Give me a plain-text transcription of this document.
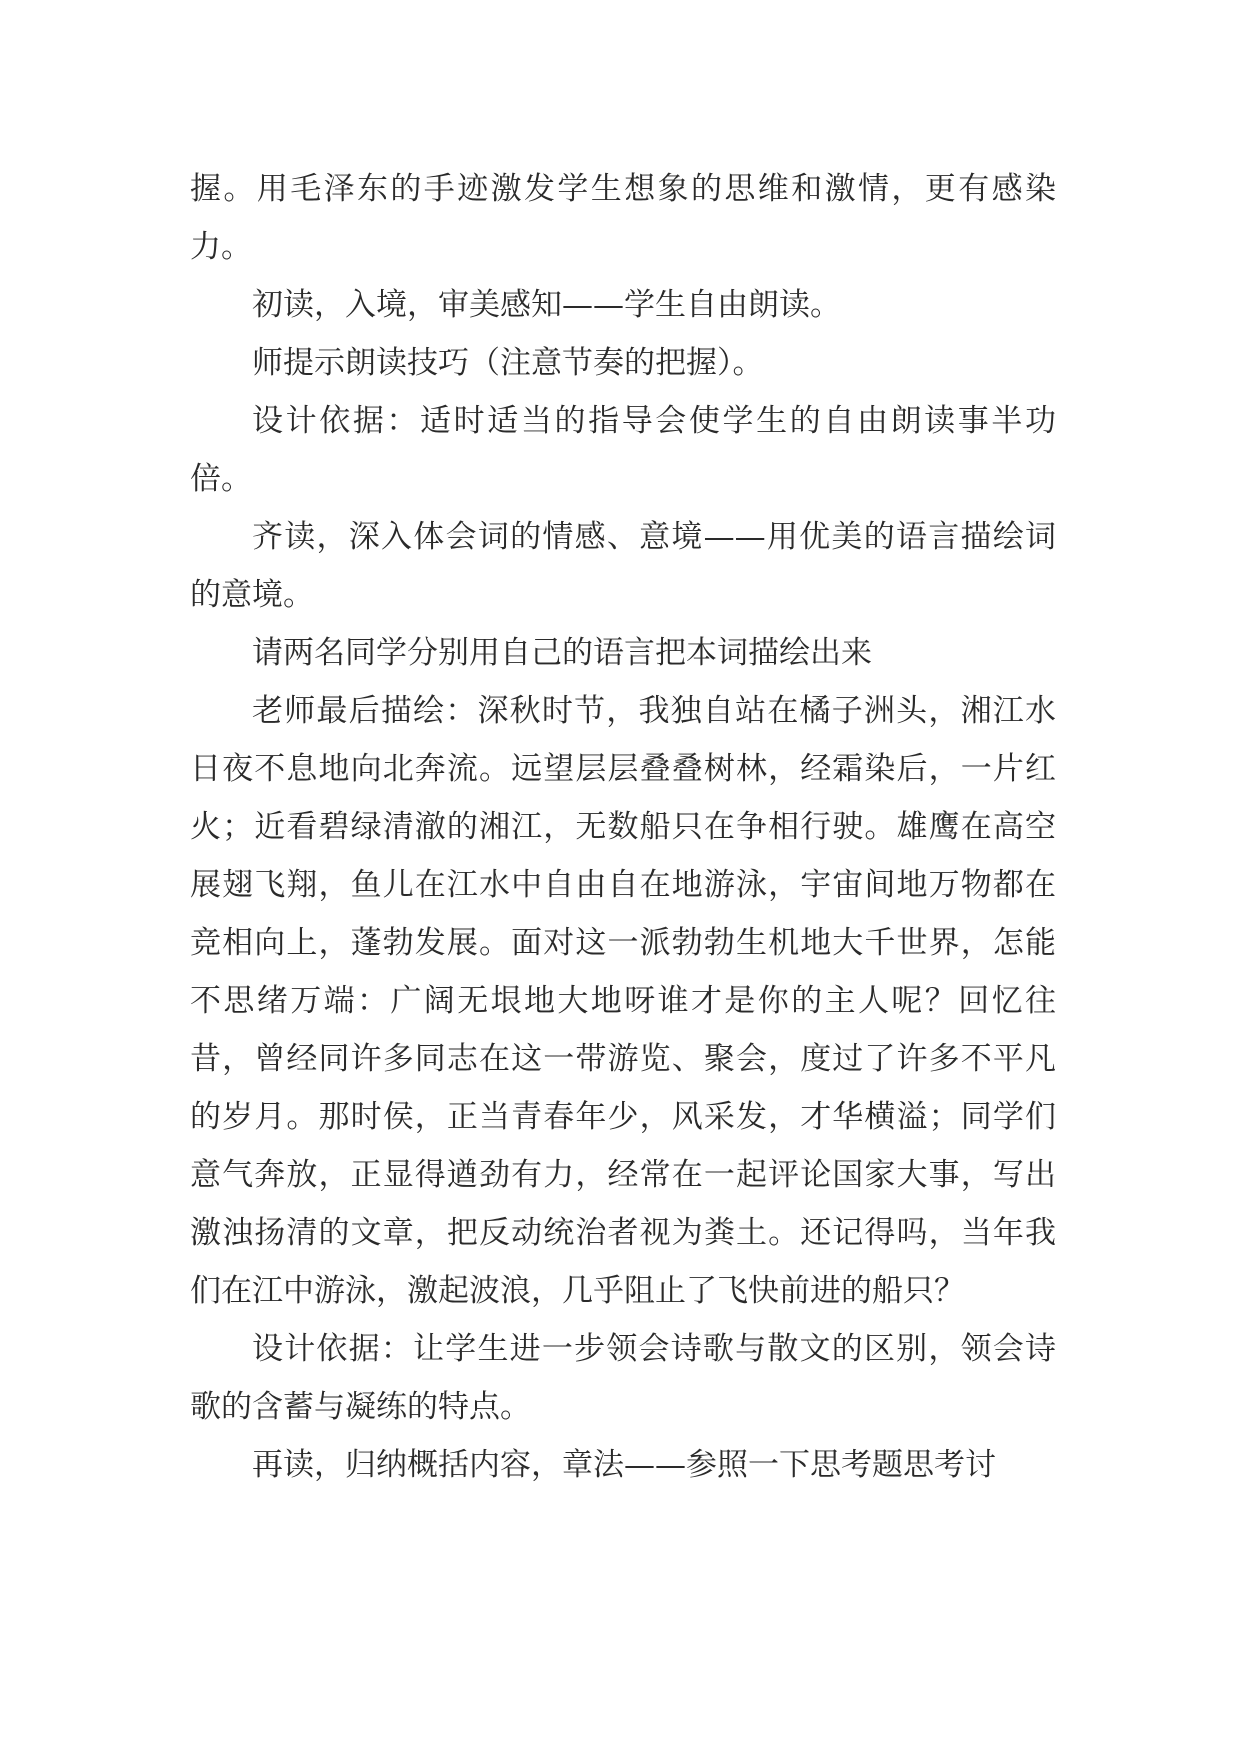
握。用毛泽东的手迹激发学生想象的思维和激情，更有感染力。

初读，入境，审美感知——学生自由朗读。

师提示朗读技巧（注意节奏的把握）。

设计依据：适时适当的指导会使学生的自由朗读事半功倍。

齐读，深入体会词的情感、意境——用优美的语言描绘词的意境。

请两名同学分别用自己的语言把本词描绘出来

老师最后描绘：深秋时节，我独自站在橘子洲头，湘江水日夜不息地向北奔流。远望层层叠叠树林，经霜染后，一片红火；近看碧绿清澈的湘江，无数船只在争相行驶。雄鹰在高空展翅飞翔，鱼儿在江水中自由自在地游泳，宇宙间地万物都在竞相向上，蓬勃发展。面对这一派勃勃生机地大千世界，怎能不思绪万端：广阔无垠地大地呀谁才是你的主人呢？回忆往昔，曾经同许多同志在这一带游览、聚会，度过了许多不平凡的岁月。那时侯，正当青春年少，风采发，才华横溢；同学们意气奔放，正显得遒劲有力，经常在一起评论国家大事，写出激浊扬清的文章，把反动统治者视为粪土。还记得吗，当年我们在江中游泳，激起波浪，几乎阻止了飞快前进的船只？

设计依据：让学生进一步领会诗歌与散文的区别，领会诗歌的含蓄与凝练的特点。

再读，归纳概括内容，章法——参照一下思考题思考讨
